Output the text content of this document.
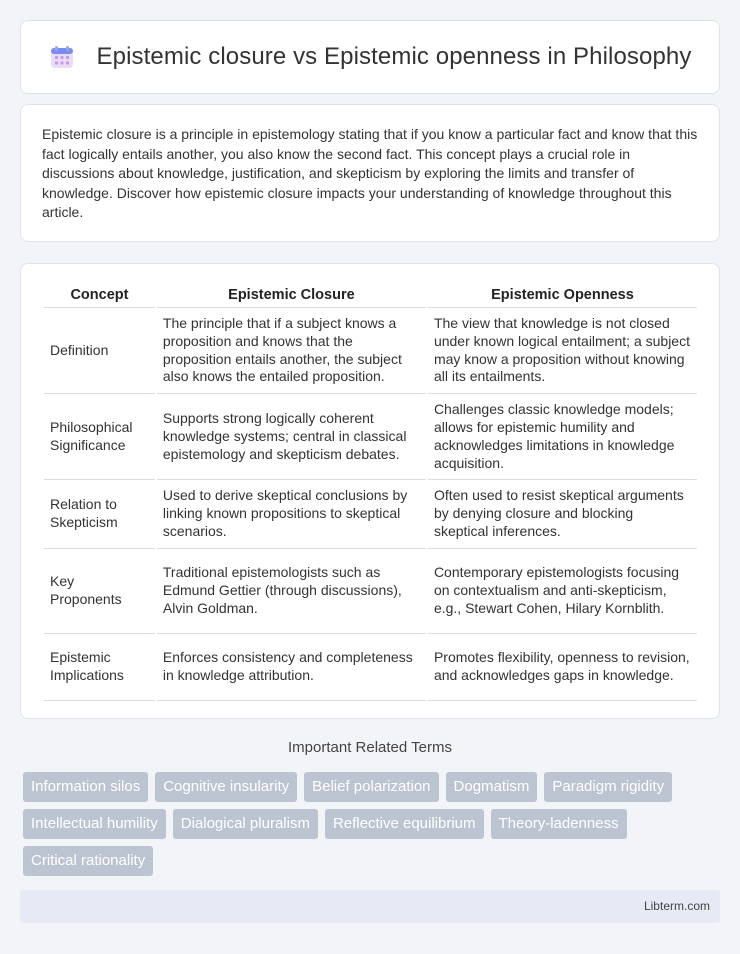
Epistemic closure vs Epistemic openness in Philosophy

Epistemic closure is a principle in epistemology stating that if you know a particular fact and know that this fact logically entails another, you also know the second fact. This concept plays a crucial role in discussions about knowledge, justification, and skepticism by exploring the limits and transfer of knowledge. Discover how epistemic closure impacts your understanding of knowledge throughout this article.

Concept	Epistemic Closure	Epistemic Openness
Definition	The principle that if a subject knows a proposition and knows that the proposition entails another, the subject also knows the entailed proposition.	The view that knowledge is not closed under known logical entailment; a subject may know a proposition without knowing all its entailments.
Philosophical Significance	Supports strong logically coherent knowledge systems; central in classical epistemology and skepticism debates.	Challenges classic knowledge models; allows for epistemic humility and acknowledges limitations in knowledge acquisition.
Relation to Skepticism	Used to derive skeptical conclusions by linking known propositions to skeptical scenarios.	Often used to resist skeptical arguments by denying closure and blocking skeptical inferences.
Key Proponents	Traditional epistemologists such as Edmund Gettier (through discussions), Alvin Goldman.	Contemporary epistemologists focusing on contextualism and anti-skepticism, e.g., Stewart Cohen, Hilary Kornblith.
Epistemic Implications	Enforces consistency and completeness in knowledge attribution.	Promotes flexibility, openness to revision, and acknowledges gaps in knowledge.
Important Related Terms
Information silos	Cognitive insularity	Belief polarization	Dogmatism	Paradigm rigidity
Intellectual humility	Dialogical pluralism	Reflective equilibrium	Theory-ladenness
Critical rationality
Libterm.com
